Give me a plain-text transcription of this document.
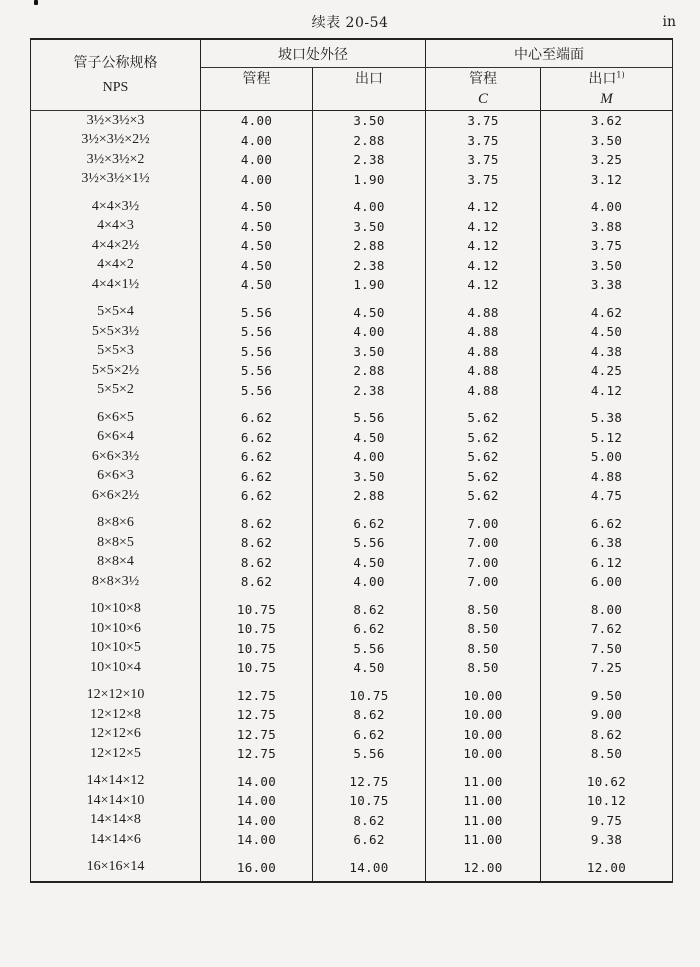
续表 20-54	in
管子公称规格
NPS	坡口处外径		中心至端面	
	管程	出口	管程	出口$^{1)}$
			C	M
3½×3½×3	4.00	3.50	3.75	3.62
3½×3½×2½	4.00	2.88	3.75	3.50
3½×3½×2	4.00	2.38	3.75	3.25
3½×3½×1½	4.00	1.90	3.75	3.12
4×4×3½	4.50	4.00	4.12	4.00
4×4×3	4.50	3.50	4.12	3.88
4×4×2½	4.50	2.88	4.12	3.75
4×4×2	4.50	2.38	4.12	3.50
4×4×1½	4.50	1.90	4.12	3.38
5×5×4	5.56	4.50	4.88	4.62
5×5×3½	5.56	4.00	4.88	4.50
5×5×3	5.56	3.50	4.88	4.38
5×5×2½	5.56	2.88	4.88	4.25
5×5×2	5.56	2.38	4.88	4.12
6×6×5	6.62	5.56	5.62	5.38
6×6×4	6.62	4.50	5.62	5.12
6×6×3½	6.62	4.00	5.62	5.00
6×6×3	6.62	3.50	5.62	4.88
6×6×2½	6.62	2.88	5.62	4.75
8×8×6	8.62	6.62	7.00	6.62
8×8×5	8.62	5.56	7.00	6.38
8×8×4	8.62	4.50	7.00	6.12
8×8×3½	8.62	4.00	7.00	6.00
10×10×8	10.75	8.62	8.50	8.00
10×10×6	10.75	6.62	8.50	7.62
10×10×5	10.75	5.56	8.50	7.50
10×10×4	10.75	4.50	8.50	7.25
12×12×10	12.75	10.75	10.00	9.50
12×12×8	12.75	8.62	10.00	9.00
12×12×6	12.75	6.62	10.00	8.62
12×12×5	12.75	5.56	10.00	8.50
14×14×12	14.00	12.75	11.00	10.62
14×14×10	14.00	10.75	11.00	10.12
14×14×8	14.00	8.62	11.00	9.75
14×14×6	14.00	6.62	11.00	9.38
16×16×14	16.00	14.00	12.00	12.00
